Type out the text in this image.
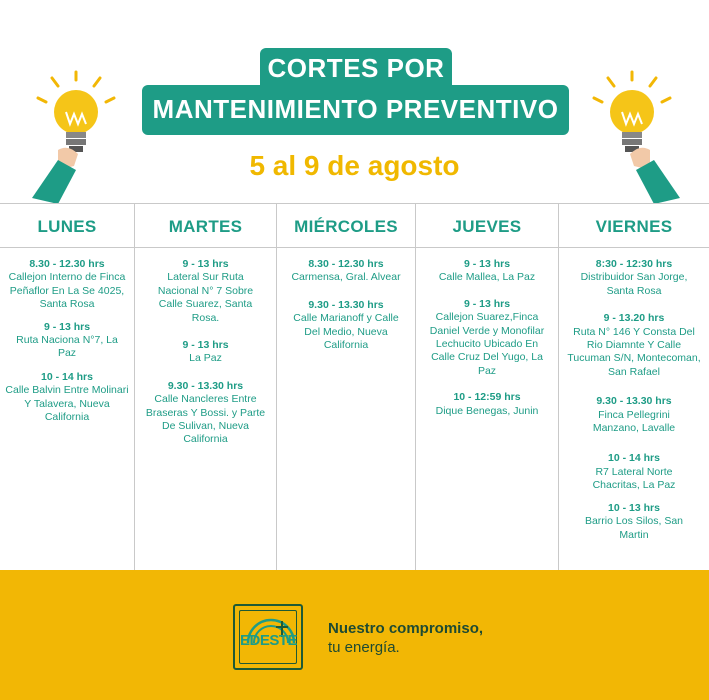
CORTES POR
MANTENIMIENTO PREVENTIVO
5 al 9 de agosto
LUNES
8.30 - 12.30 hrs
Callejon Interno de Finca Peñaflor En La Se 4025, Santa Rosa
9 - 13 hrs
Ruta Naciona N°7, La Paz
10 - 14 hrs
Calle Balvin Entre Molinari Y Talavera, Nueva California
MARTES
9 - 13 hrs
Lateral Sur Ruta Nacional N° 7 Sobre Calle Suarez, Santa Rosa.
9 - 13 hrs
La Paz
9.30 - 13.30 hrs
Calle Nancleres Entre Braseras Y Bossi. y Parte De Sulivan, Nueva California
MIÉRCOLES
8.30 - 12.30 hrs
Carmensa, Gral. Alvear
9.30 - 13.30 hrs
Calle Marianoff y Calle Del Medio, Nueva California
JUEVES
9 - 13 hrs
Calle Mallea, La Paz
9 - 13 hrs
Callejon Suarez,Finca Daniel Verde y Monofilar Lechucito Ubicado En Calle Cruz Del Yugo, La Paz
10 - 12:59 hrs
Dique Benegas, Junin
VIERNES
8:30 - 12:30 hrs
Distribuidor San Jorge, Santa Rosa
9 - 13.20 hrs
Ruta N° 146 Y Consta Del Rio Diamnte Y Calle Tucuman S/N, Montecoman, San Rafael
9.30 - 13.30 hrs
Finca Pellegrini Manzano, Lavalle
10 - 14 hrs
R7 Lateral Norte Chacritas, La Paz
10 - 13 hrs
Barrio Los Silos, San Martin
EDESTE
Nuestro compromiso,
tu energía.
